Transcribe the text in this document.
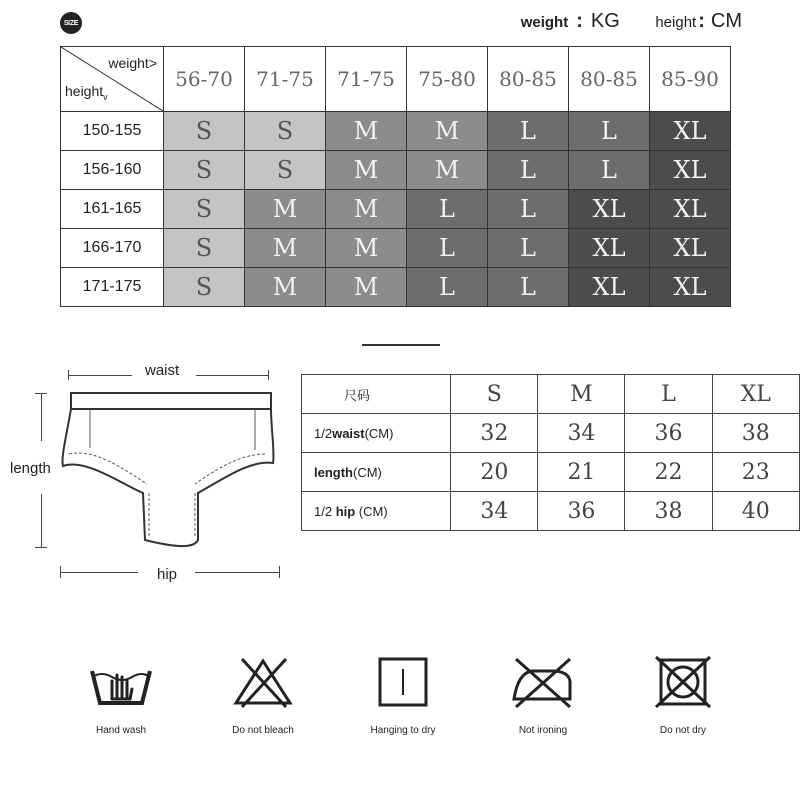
SIZE	weight : KG height : CM
weight>
height$_v$	56-70	71-75	71-75	75-80	80-85	80-85	85-90
150-155	S	S	M	M	L	L	XL
156-160	S	S	M	M	L	L	XL
161-165	S	M	M	L	L	XL	XL
166-170	S	M	M	L	L	XL	XL
171-175	S	M	M	L	L	XL	XL
waist
length
hip
尺码	S	M	L	XL
1/2waist(CM)	32	34	36	38
length(CM)	20	21	22	23
1/2 hip (CM)	34	36	38	40
Hand wash	Do not bleach	Hanging to dry	Not ironing	Do not dry
